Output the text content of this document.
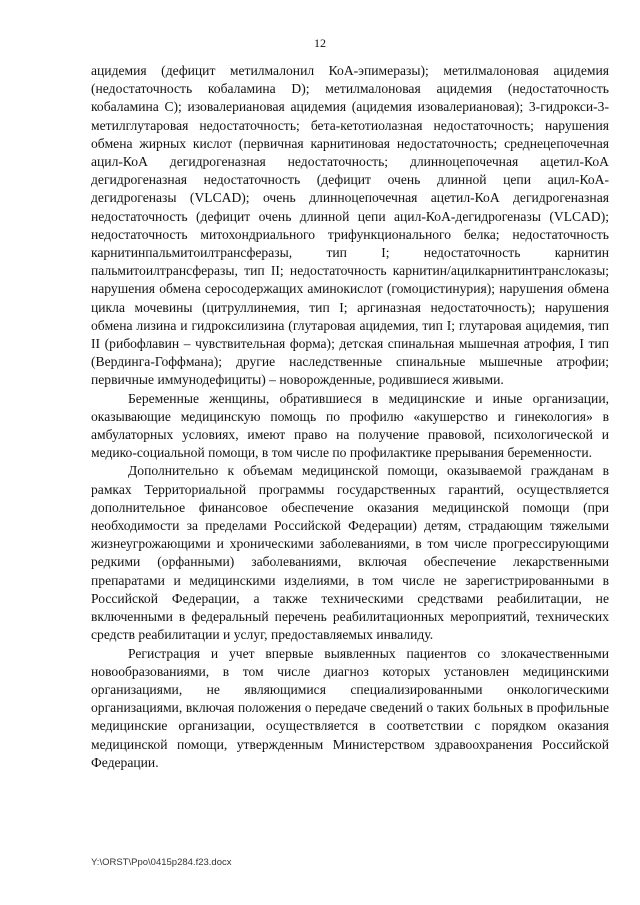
12

ацидемия (дефицит метилмалонил КоА-эпимеразы); метилмалоновая ацидемия (недостаточность кобаламина D); метилмалоновая ацидемия (недостаточность кобаламина C); изовалериановая ацидемия (ацидемия изовалериановая); 3-гидрокси-3-метилглутаровая недостаточность; бета-кетотиолазная недостаточность; нарушения обмена жирных кислот (первичная карнитиновая недостаточность; среднецепочечная ацил-КоА дегидрогеназная недостаточность; длинноцепочечная ацетил-КоА дегидрогеназная недостаточность (дефицит очень длинной цепи ацил-КоА-дегидрогеназы (VLCAD); очень длинноцепочечная ацетил-КоА дегидрогеназная недостаточность (дефицит очень длинной цепи ацил-КоА-дегидрогеназы (VLCAD); недостаточность митохондриального трифункционального белка; недостаточность карнитинпальмитоилтрансферазы, тип I; недостаточность карнитин пальмитоилтрансферазы, тип II; недостаточность карнитин/ацилкарнитинтранслоказы; нарушения обмена серосодержащих аминокислот (гомоцистинурия); нарушения обмена цикла мочевины (цитруллинемия, тип I; аргиназная недостаточность); нарушения обмена лизина и гидроксилизина (глутаровая ацидемия, тип I; глутаровая ацидемия, тип II (рибофлавин – чувствительная форма); детская спинальная мышечная атрофия, I тип (Вердинга-Гоффмана); другие наследственные спинальные мышечные атрофии; первичные иммунодефициты) – новорожденные, родившиеся живыми.

Беременные женщины, обратившиеся в медицинские и иные организации, оказывающие медицинскую помощь по профилю «акушерство и гинекология» в амбулаторных условиях, имеют право на получение правовой, психологической и медико-социальной помощи, в том числе по профилактике прерывания беременности.

Дополнительно к объемам медицинской помощи, оказываемой гражданам в рамках Территориальной программы государственных гарантий, осуществляется дополнительное финансовое обеспечение оказания медицинской помощи (при необходимости за пределами Российской Федерации) детям, страдающим тяжелыми жизнеугрожающими и хроническими заболеваниями, в том числе прогрессирующими редкими (орфанными) заболеваниями, включая обеспечение лекарственными препаратами и медицинскими изделиями, в том числе не зарегистрированными в Российской Федерации, а также техническими средствами реабилитации, не включенными в федеральный перечень реабилитационных мероприятий, технических средств реабилитации и услуг, предоставляемых инвалиду.

Регистрация и учет впервые выявленных пациентов со злокачественными новообразованиями, в том числе диагноз которых установлен медицинскими организациями, не являющимися специализированными онкологическими организациями, включая положения о передаче сведений о таких больных в профильные медицинские организации, осуществляется в соответствии с порядком оказания медицинской помощи, утвержденным Министерством здравоохранения Российской Федерации.

Y:\ORST\Ppo\0415p284.f23.docx
